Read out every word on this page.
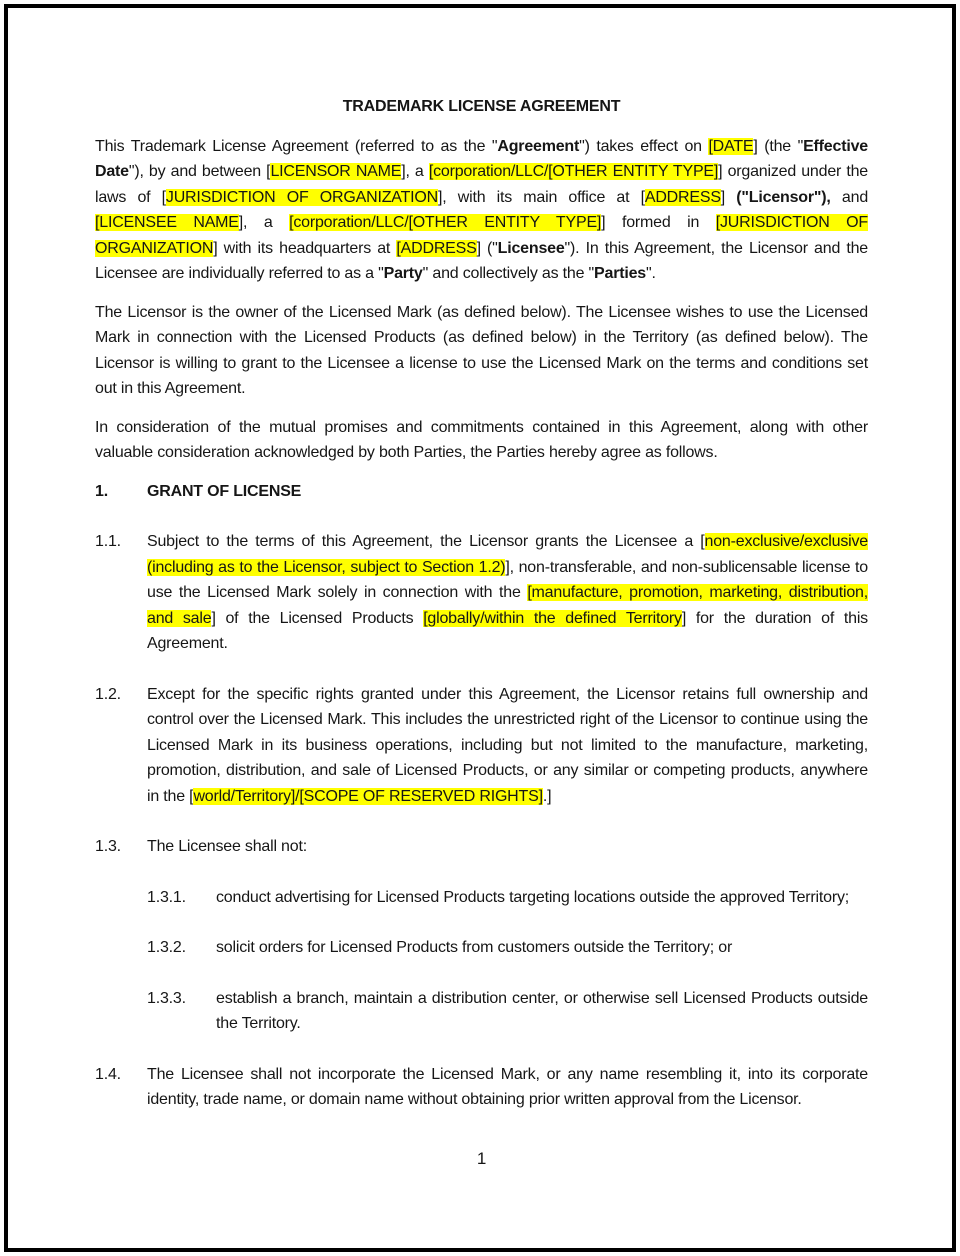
TRADEMARK LICENSE AGREEMENT

This Trademark License Agreement (referred to as the "Agreement") takes effect on [DATE] (the "Effective Date"), by and between [LICENSOR NAME], a [corporation/LLC/[OTHER ENTITY TYPE]] organized under the laws of [JURISDICTION OF ORGANIZATION], with its main office at [ADDRESS] ("Licensor"), and [LICENSEE NAME], a [corporation/LLC/[OTHER ENTITY TYPE]] formed in [JURISDICTION OF ORGANIZATION] with its headquarters at [ADDRESS] ("Licensee"). In this Agreement, the Licensor and the Licensee are individually referred to as a "Party" and collectively as the "Parties".

The Licensor is the owner of the Licensed Mark (as defined below). The Licensee wishes to use the Licensed Mark in connection with the Licensed Products (as defined below) in the Territory (as defined below). The Licensor is willing to grant to the Licensee a license to use the Licensed Mark on the terms and conditions set out in this Agreement.

In consideration of the mutual promises and commitments contained in this Agreement, along with other valuable consideration acknowledged by both Parties, the Parties hereby agree as follows.

1.	GRANT OF LICENSE
1.1.	Subject to the terms of this Agreement, the Licensor grants the Licensee a [non-exclusive/exclusive (including as to the Licensor, subject to Section 1.2)], non-transferable, and non-sublicensable license to use the Licensed Mark solely in connection with the [manufacture, promotion, marketing, distribution, and sale] of the Licensed Products [globally/within the defined Territory] for the duration of this Agreement.
1.2.	Except for the specific rights granted under this Agreement, the Licensor retains full ownership and control over the Licensed Mark. This includes the unrestricted right of the Licensor to continue using the Licensed Mark in its business operations, including but not limited to the manufacture, marketing, promotion, distribution, and sale of Licensed Products, or any similar or competing products, anywhere in the [world/Territory]/[SCOPE OF RESERVED RIGHTS].]
1.3.	The Licensee shall not:
1.3.1.	conduct advertising for Licensed Products targeting locations outside the approved Territory;
1.3.2.	solicit orders for Licensed Products from customers outside the Territory; or
1.3.3.	establish a branch, maintain a distribution center, or otherwise sell Licensed Products outside the Territory.
1.4.	The Licensee shall not incorporate the Licensed Mark, or any name resembling it, into its corporate identity, trade name, or domain name without obtaining prior written approval from the Licensor.
1
